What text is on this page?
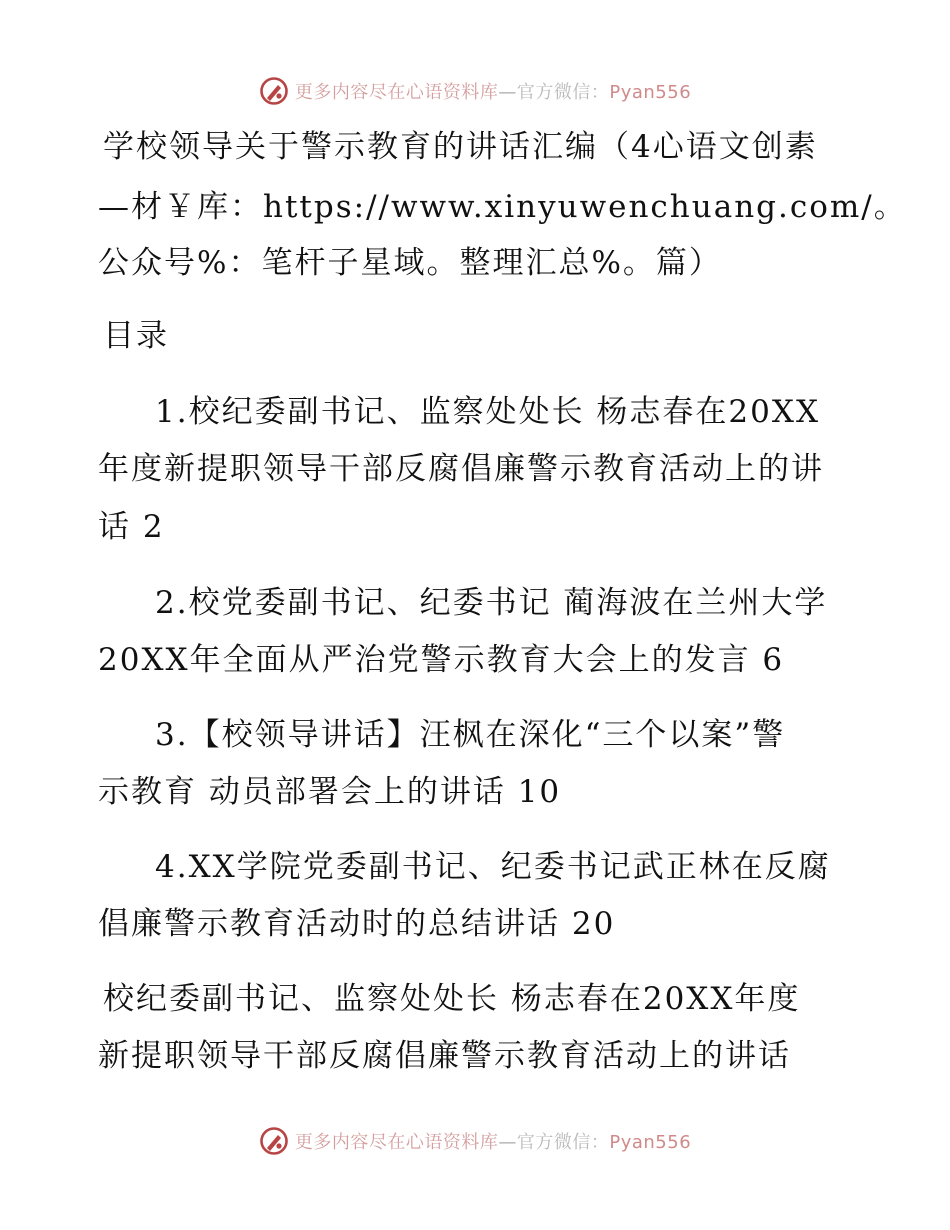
更多内容尽在心语资料库—官方微信：Pyan556

学校领导关于警示教育的讲话汇编（4心语文创素

—材￥库：https://www.xinyuwenchuang.com/。

公众号%：笔杆子星域。整理汇总%。篇）

目录

1.校纪委副书记、监察处处长 杨志春在20XX

年度新提职领导干部反腐倡廉警示教育活动上的讲

话 2

2.校党委副书记、纪委书记 蔺海波在兰州大学

20XX年全面从严治党警示教育大会上的发言 6

3.【校领导讲话】汪枫在深化“三个以案”警

示教育 动员部署会上的讲话 10

4.XX学院党委副书记、纪委书记武正林在反腐

倡廉警示教育活动时的总结讲话 20

校纪委副书记、监察处处长 杨志春在20XX年度

新提职领导干部反腐倡廉警示教育活动上的讲话

更多内容尽在心语资料库—官方微信：Pyan556
